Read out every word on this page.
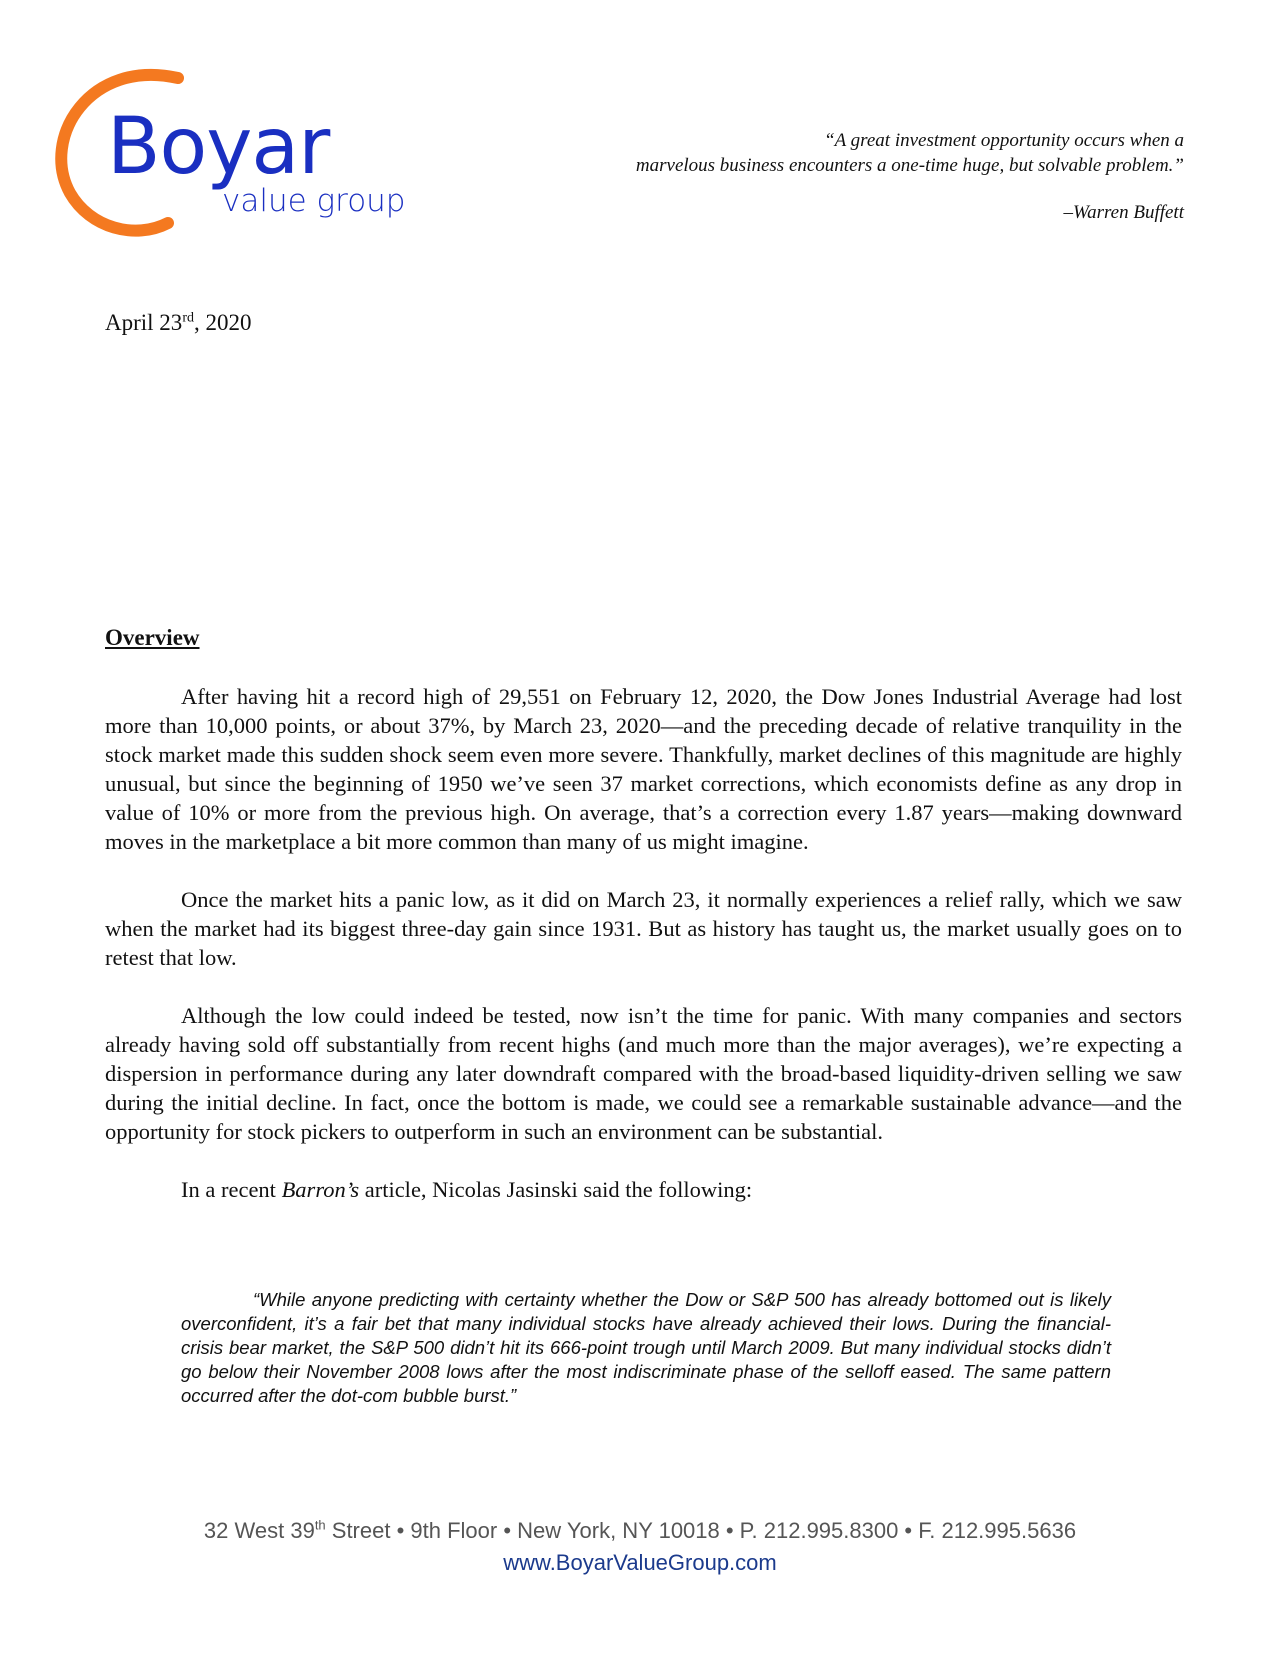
Boyar
value group
“A great investment opportunity occurs when a
marvelous business encounters a one-time huge, but solvable problem.”
–Warren Buffett
April 23rd, 2020
Overview

After having hit a record high of 29,551 on February 12, 2020, the Dow Jones Industrial Average had lost more than 10,000 points, or about 37%, by March 23, 2020—and the preceding decade of relative tranquility in the stock market made this sudden shock seem even more severe. Thankfully, market declines of this magnitude are highly unusual, but since the beginning of 1950 we’ve seen 37 market corrections, which economists define as any drop in value of 10% or more from the previous high. On average, that’s a correction every 1.87 years—making downward moves in the marketplace a bit more common than many of us might imagine.

Once the market hits a panic low, as it did on March 23, it normally experiences a relief rally, which we saw when the market had its biggest three-day gain since 1931. But as history has taught us, the market usually goes on to retest that low.

Although the low could indeed be tested, now isn’t the time for panic. With many companies and sectors already having sold off substantially from recent highs (and much more than the major averages), we’re expecting a dispersion in performance during any later downdraft compared with the broad-based liquidity-driven selling we saw during the initial decline. In fact, once the bottom is made, we could see a remarkable sustainable advance—and the opportunity for stock pickers to outperform in such an environment can be substantial.

In a recent Barron’s article, Nicolas Jasinski said the following:

“While anyone predicting with certainty whether the Dow or S&P 500 has already bottomed out is likely overconfident, it’s a fair bet that many individual stocks have already achieved their lows. During the financial-crisis bear market, the S&P 500 didn’t hit its 666-point trough until March 2009. But many individual stocks didn’t go below their November 2008 lows after the most indiscriminate phase of the selloff eased. The same pattern occurred after the dot-com bubble burst.”

32 West 39th Street • 9th Floor • New York, NY 10018 • P. 212.995.8300 • F. 212.995.5636
www.BoyarValueGroup.com
